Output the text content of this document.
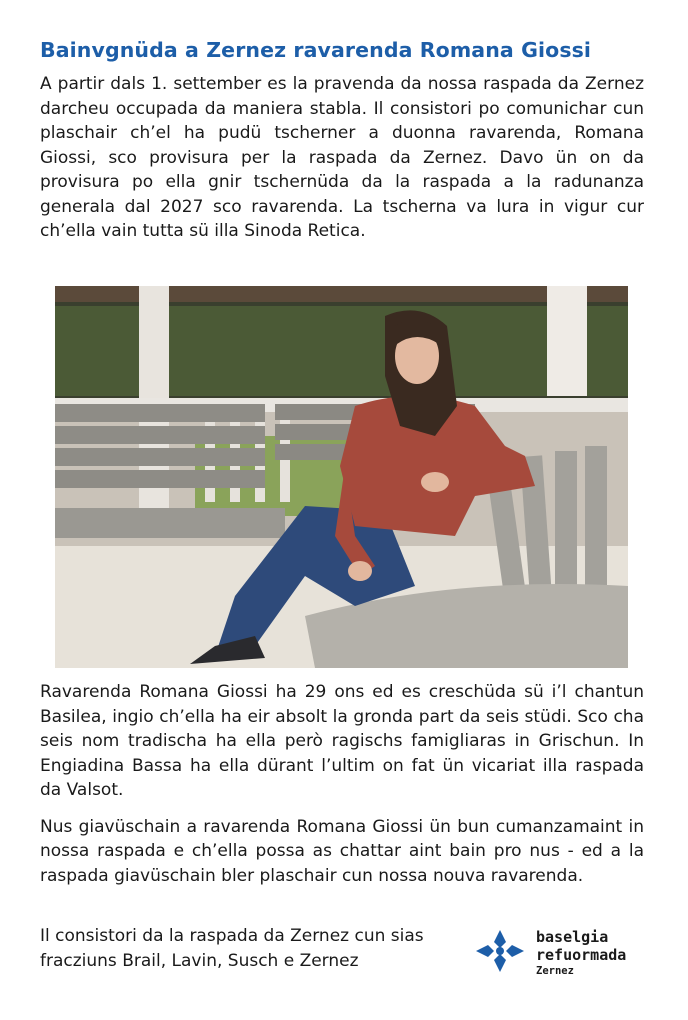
Bainvgnüda a Zernez ravarenda Romana Giossi

A partir dals 1. settember es la pravenda da nossa raspada da Zernez darcheu occupada da maniera stabla. Il consistori po comunichar cun plaschair ch’el ha pudü tscherner a duonna ravarenda, Romana Giossi, sco provisura per la raspada da Zernez. Davo ün on da provisura po ella gnir tschernüda da la raspada a la radunanza generala dal 2027 sco ravarenda. La tscherna va lura in vigur cur ch’ella vain tutta sü illa Sinoda Retica.

Ravarenda Romana Giossi ha 29 ons ed es creschüda sü i’l chantun Basilea, ingio ch’ella ha eir absolt la gronda part da seis stüdi. Sco cha seis nom tradischa ha ella però ragischs famigliaras in Grischun. In Engiadina Bassa ha ella dürant l’ultim on fat ün vicariat illa raspada da Valsot.

Nus giavüschain a ravarenda Romana Giossi ün bun cumanzamaint in nossa raspada e ch’ella possa as chattar aint bain pro nus - ed a la raspada giavüschain bler plaschair cun nossa nouva ravarenda.

Il consistori da la raspada da Zernez cun sias fracziuns Brail, Lavin, Susch e Zernez
baselgia
refuormada
Zernez
